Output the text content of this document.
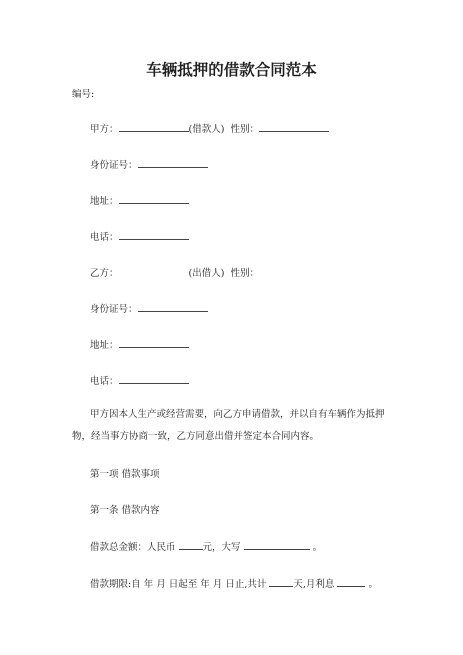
车辆抵押的借款合同范本
编号:
甲方：	(借款人) 性别：
身份证号：
地址：
电话：
乙方：	(出借人) 性别：
身份证号：
地址：
电话：
甲方因本人生产或经营需要，向乙方申请借款，并以自有车辆作为抵押物，经当事方协商一致，乙方同意出借并签定本合同内容。
第一项 借款事项
第一条 借款内容
借款总金额：人民币	元，大写	。
借款期限:自 年 月 日起至 年 月 日止,共计	天,月利息	。
